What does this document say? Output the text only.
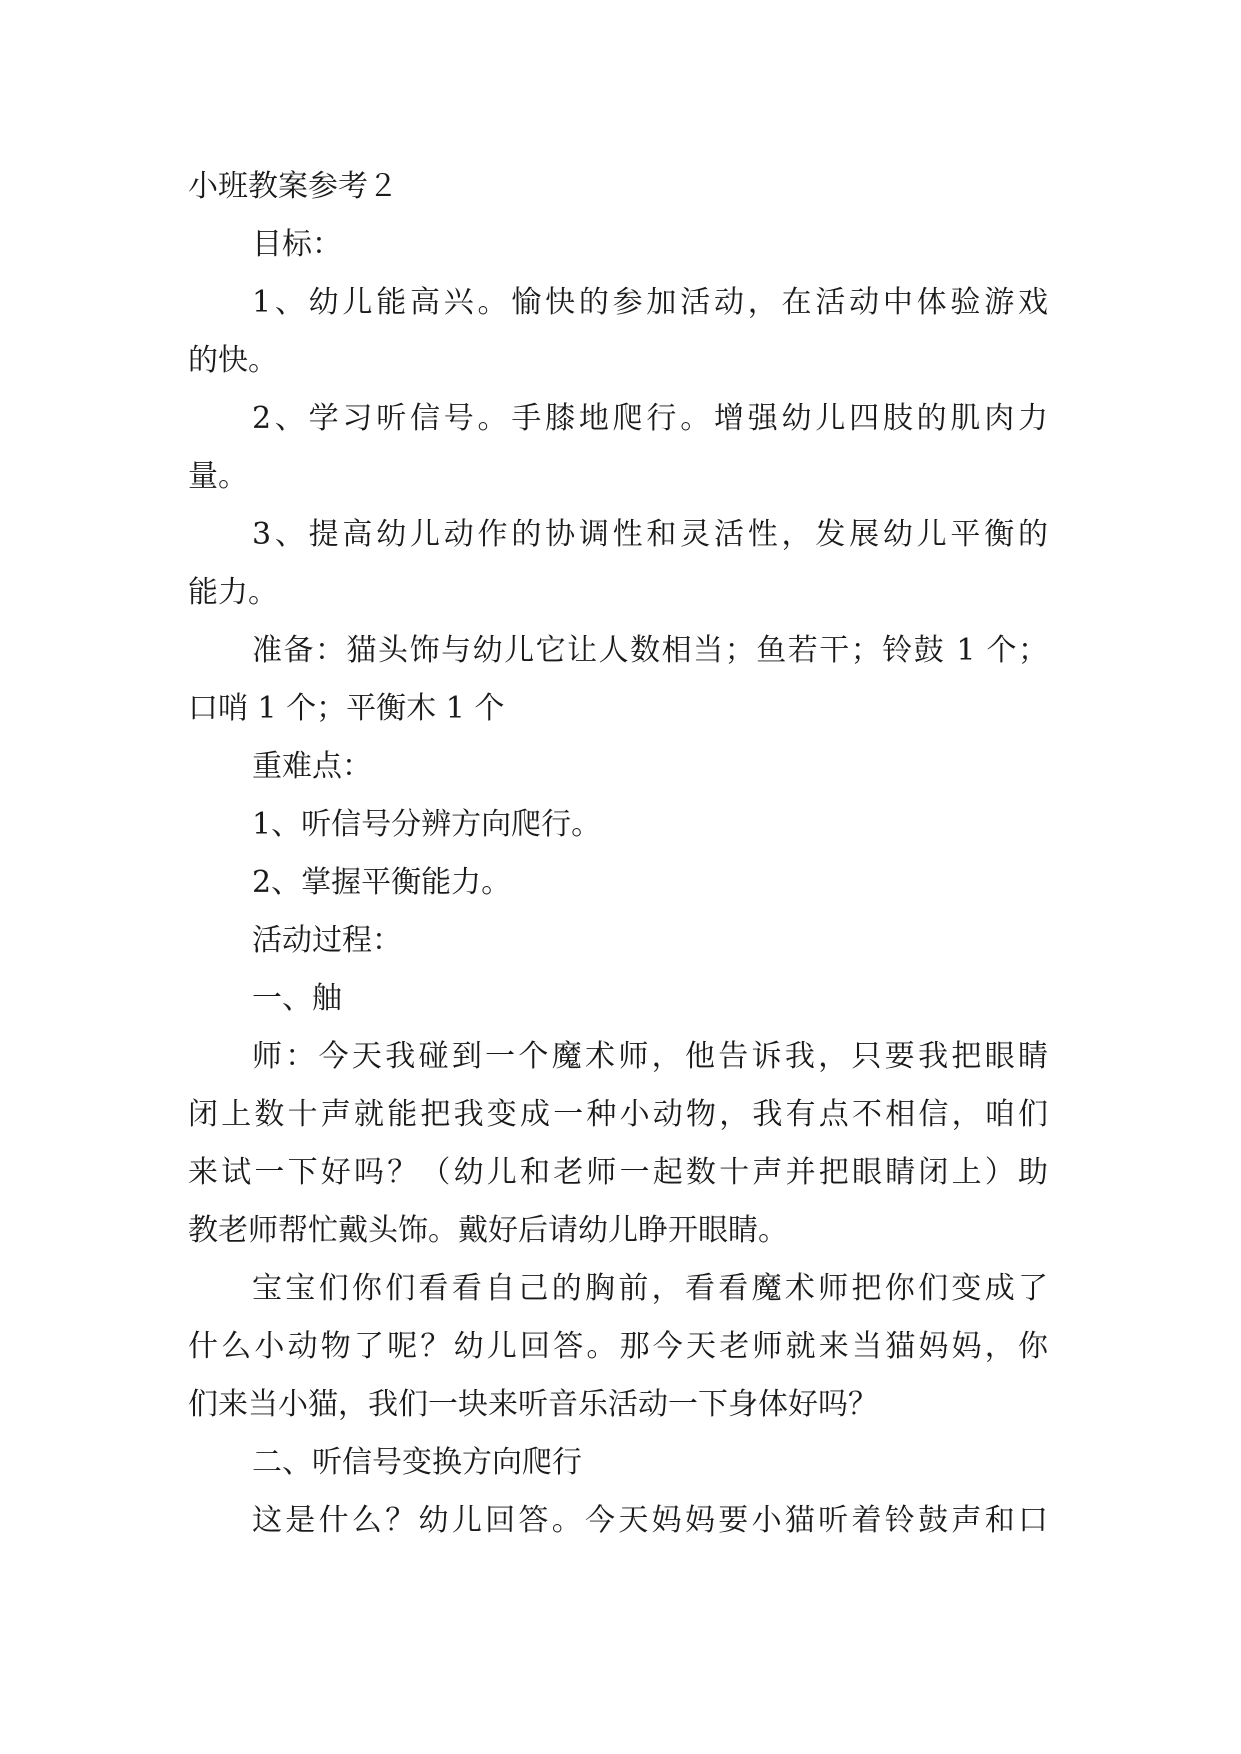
小班教案参考２
目标：
1、幼儿能高兴。愉快的参加活动，在活动中体验游戏
的快。
2、学习听信号。手膝地爬行。增强幼儿四肢的肌肉力
量。
3、提高幼儿动作的协调性和灵活性，发展幼儿平衡的
能力。
准备：猫头饰与幼儿它让人数相当；鱼若干；铃鼓 1 个；
口哨 1 个；平衡木 1 个
重难点：
1、听信号分辨方向爬行。
2、掌握平衡能力。
活动过程：
一、舳
师：今天我碰到一个魔术师，他告诉我，只要我把眼睛
闭上数十声就能把我变成一种小动物，我有点不相信，咱们
来试一下好吗？（幼儿和老师一起数十声并把眼睛闭上）助
教老师帮忙戴头饰。戴好后请幼儿睁开眼睛。
宝宝们你们看看自己的胸前，看看魔术师把你们变成了
什么小动物了呢？幼儿回答。那今天老师就来当猫妈妈，你
们来当小猫，我们一块来听音乐活动一下身体好吗？
二、听信号变换方向爬行
这是什么？幼儿回答。今天妈妈要小猫听着铃鼓声和口
